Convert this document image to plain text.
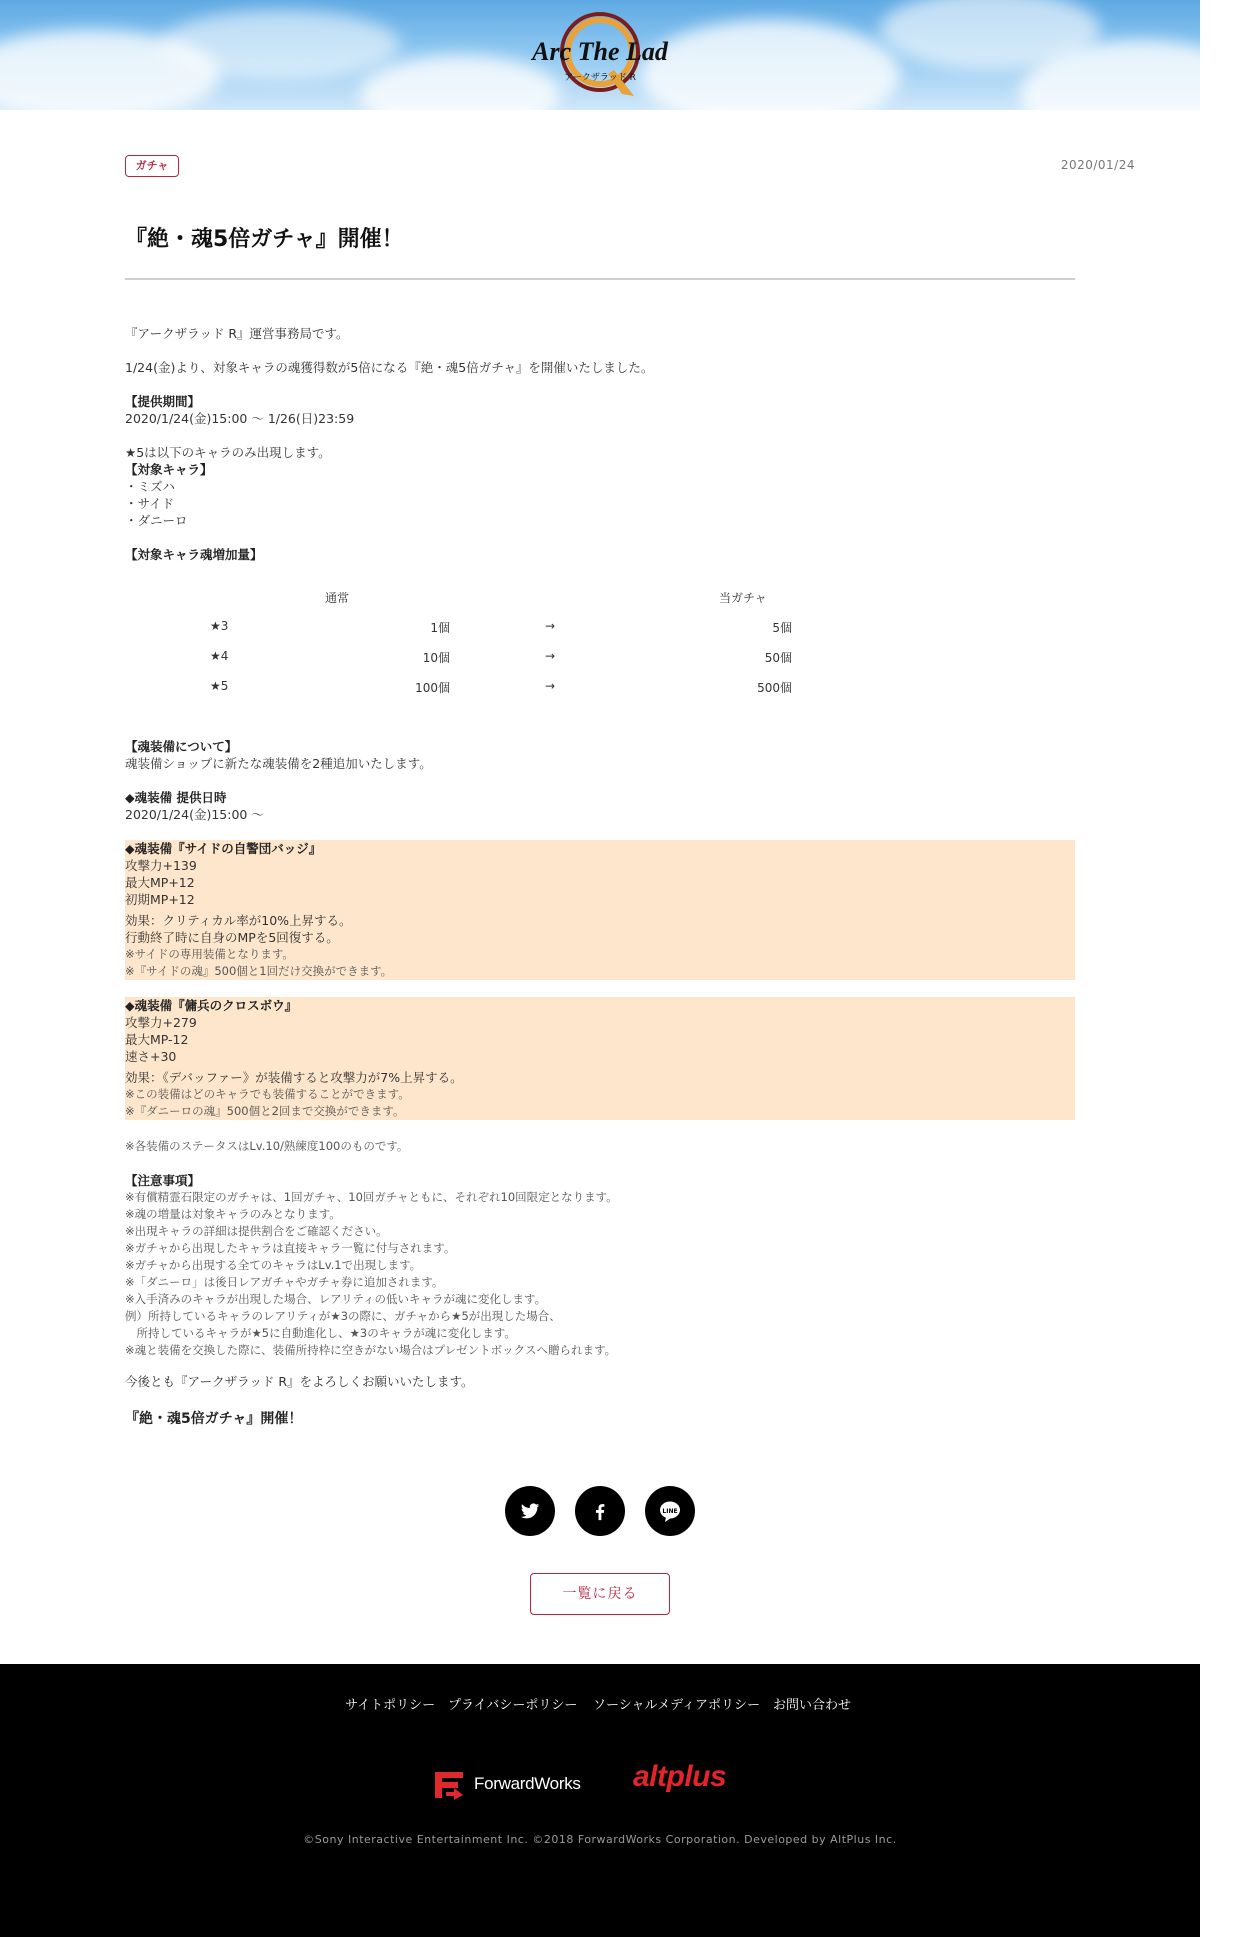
Arc The Lad
アークザラッド R
ガチャ	2020/01/24
『絶・魂5倍ガチャ』開催！
『アークザラッド R』運営事務局です。
1/24(金)より、対象キャラの魂獲得数が5倍になる『絶・魂5倍ガチャ』を開催いたしました。
【提供期間】
2020/1/24(金)15:00 ～ 1/26(日)23:59
★5は以下のキャラのみ出現します。
【対象キャラ】
・ミズハ
・サイド
・ダニーロ
【対象キャラ魂増加量】
通常	当ガチャ
★3	1個	→	5個
★4	10個	→	50個
★5	100個	→	500個
【魂装備について】
魂装備ショップに新たな魂装備を2種追加いたします。
◆魂装備 提供日時
2020/1/24(金)15:00 ～
◆魂装備『サイドの自警団バッジ』
攻撃力+139
最大MP+12
初期MP+12
効果：クリティカル率が10%上昇する。
行動終了時に自身のMPを5回復する。
※サイドの専用装備となります。
※『サイドの魂』500個と1回だけ交換ができます。
◆魂装備『傭兵のクロスボウ』
攻撃力+279
最大MP-12
速さ+30
効果：《デバッファー》が装備すると攻撃力が7%上昇する。
※この装備はどのキャラでも装備することができます。
※『ダニーロの魂』500個と2回まで交換ができます。
※各装備のステータスはLv.10/熟練度100のものです。
【注意事項】
※有償精霊石限定のガチャは、1回ガチャ、10回ガチャともに、それぞれ10回限定となります。
※魂の増量は対象キャラのみとなります。
※出現キャラの詳細は提供割合をご確認ください。
※ガチャから出現したキャラは直接キャラ一覧に付与されます。
※ガチャから出現する全てのキャラはLv.1で出現します。
※「ダニーロ」は後日レアガチャやガチャ券に追加されます。
※入手済みのキャラが出現した場合、レアリティの低いキャラが魂に変化します。
例）所持しているキャラのレアリティが★3の際に、ガチャから★5が出現した場合、
　所持しているキャラが★5に自動進化し、★3のキャラが魂に変化します。
※魂と装備を交換した際に、装備所持枠に空きがない場合はプレゼントボックスへ贈られます。
今後とも『アークザラッド R』をよろしくお願いいたします。
『絶・魂5倍ガチャ』開催！
LINE
一覧に戻る
サイトポリシー プライバシーポリシー ソーシャルメディアポリシー お問い合わせ
ForwardWorks altplus
©Sony Interactive Entertainment Inc. ©2018 ForwardWorks Corporation. Developed by AltPlus Inc.
